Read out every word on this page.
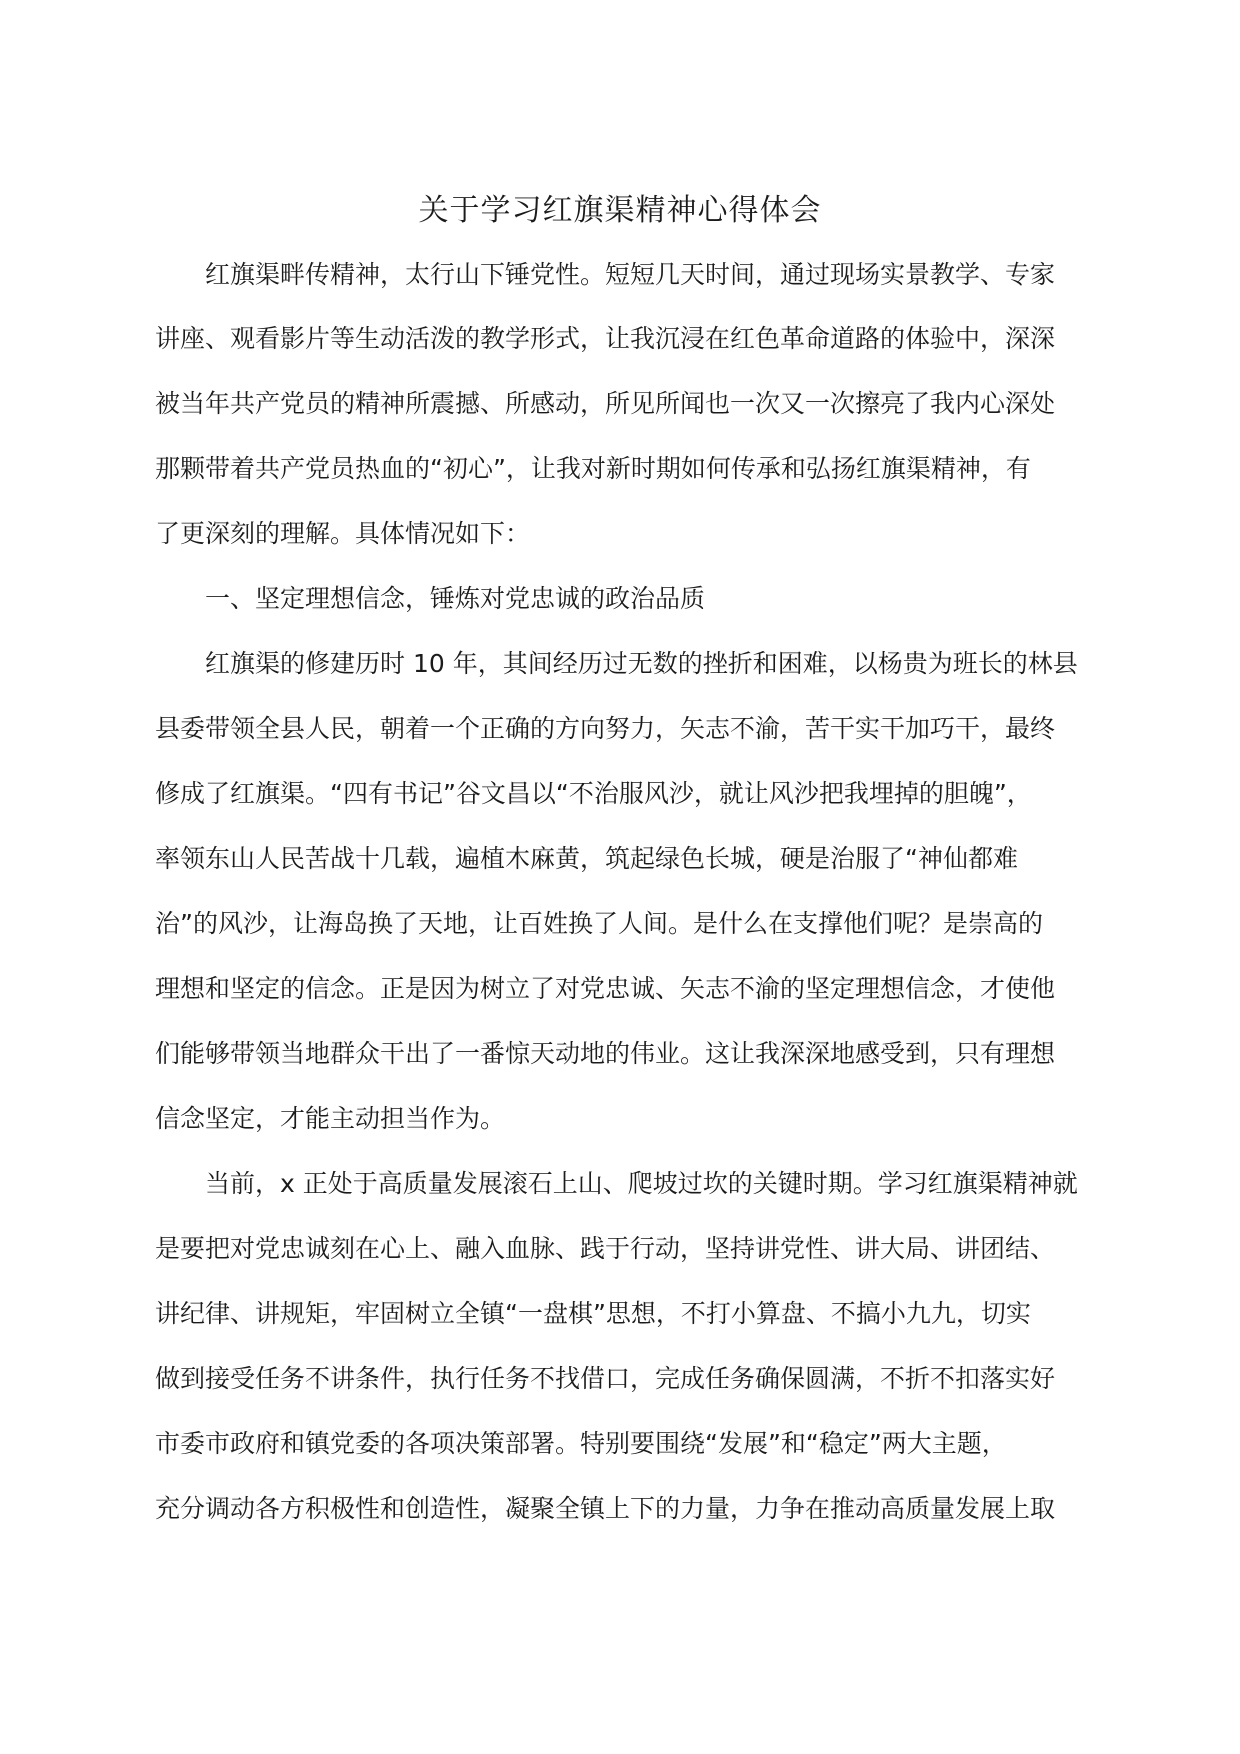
关于学习红旗渠精神心得体会

红旗渠畔传精神，太行山下锤党性。短短几天时间，通过现场实景教学、专家

讲座、观看影片等生动活泼的教学形式，让我沉浸在红色革命道路的体验中，深深

被当年共产党员的精神所震撼、所感动，所见所闻也一次又一次擦亮了我内心深处

那颗带着共产党员热血的“初心”，让我对新时期如何传承和弘扬红旗渠精神，有

了更深刻的理解。具体情况如下：

一、坚定理想信念，锤炼对党忠诚的政治品质

红旗渠的修建历时 10 年，其间经历过无数的挫折和困难，以杨贵为班长的林县

县委带领全县人民，朝着一个正确的方向努力，矢志不渝，苦干实干加巧干，最终

修成了红旗渠。“四有书记”谷文昌以“不治服风沙，就让风沙把我埋掉的胆魄”，

率领东山人民苦战十几载，遍植木麻黄，筑起绿色长城，硬是治服了“神仙都难

治”的风沙，让海岛换了天地，让百姓换了人间。是什么在支撑他们呢？是崇高的

理想和坚定的信念。正是因为树立了对党忠诚、矢志不渝的坚定理想信念，才使他

们能够带领当地群众干出了一番惊天动地的伟业。这让我深深地感受到，只有理想

信念坚定，才能主动担当作为。

当前，x 正处于高质量发展滚石上山、爬坡过坎的关键时期。学习红旗渠精神就

是要把对党忠诚刻在心上、融入血脉、践于行动，坚持讲党性、讲大局、讲团结、

讲纪律、讲规矩，牢固树立全镇“一盘棋”思想，不打小算盘、不搞小九九，切实

做到接受任务不讲条件，执行任务不找借口，完成任务确保圆满，不折不扣落实好

市委市政府和镇党委的各项决策部署。特别要围绕“发展”和“稳定”两大主题，

充分调动各方积极性和创造性，凝聚全镇上下的力量，力争在推动高质量发展上取
